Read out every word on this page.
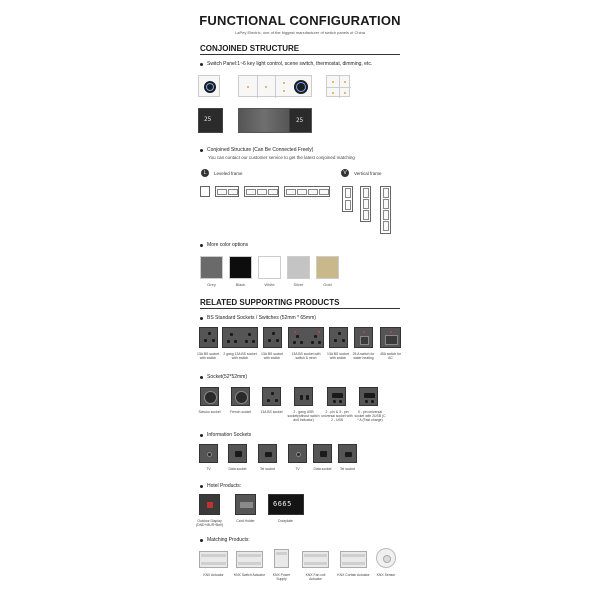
FUNCTIONAL CONFIGURATION
LaPey Electric, one of the biggest manufacturer of switch panels of China
CONJOINED STRUCTURE
Switch Panel:1~6 key light control, scene switch, thermostat, dimming, etc.
25	25
Conjoined Structure (Can Be Connected Freely)
You can contact our customer service to get the latest conjoined matching
L	Leveled frame	V	Vertical frame
More color options
Grey	Black	White	Silver	Gold
RELATED SUPPORTING PRODUCTS
BS Standard Sockets / Switches (52mm * 65mm)
13A BS socket with switch
2 gang 13A BS socket with switch
13A BS socket with switch
13A BS socket with switch & neon
13A BS socket with switch
25 A switch for water heating
45A switch for AC
Socket(52*52mm)
Schuko socket	French socket	13A BS socket	2 - gang USB socket(without switch and indicator)
2 - pin & 3 - pin universal socket with 2 - USB
5 - pin universal socket with 2USB (C * A (Fast charge)
Information Sockets
TV	Data socket	Tel socket	TV	Data socket	Tel socket
Hotel Products:
6665
Outdoor Display (DND+MUR+Bell)
Card Holder	Doorplate
Matching Products:
KNX Actuator	KNX Switch Actuator	KNX Power Supply
KNX Fan coil Actuator
KNX Curtain Actuator	KNX Sensor
